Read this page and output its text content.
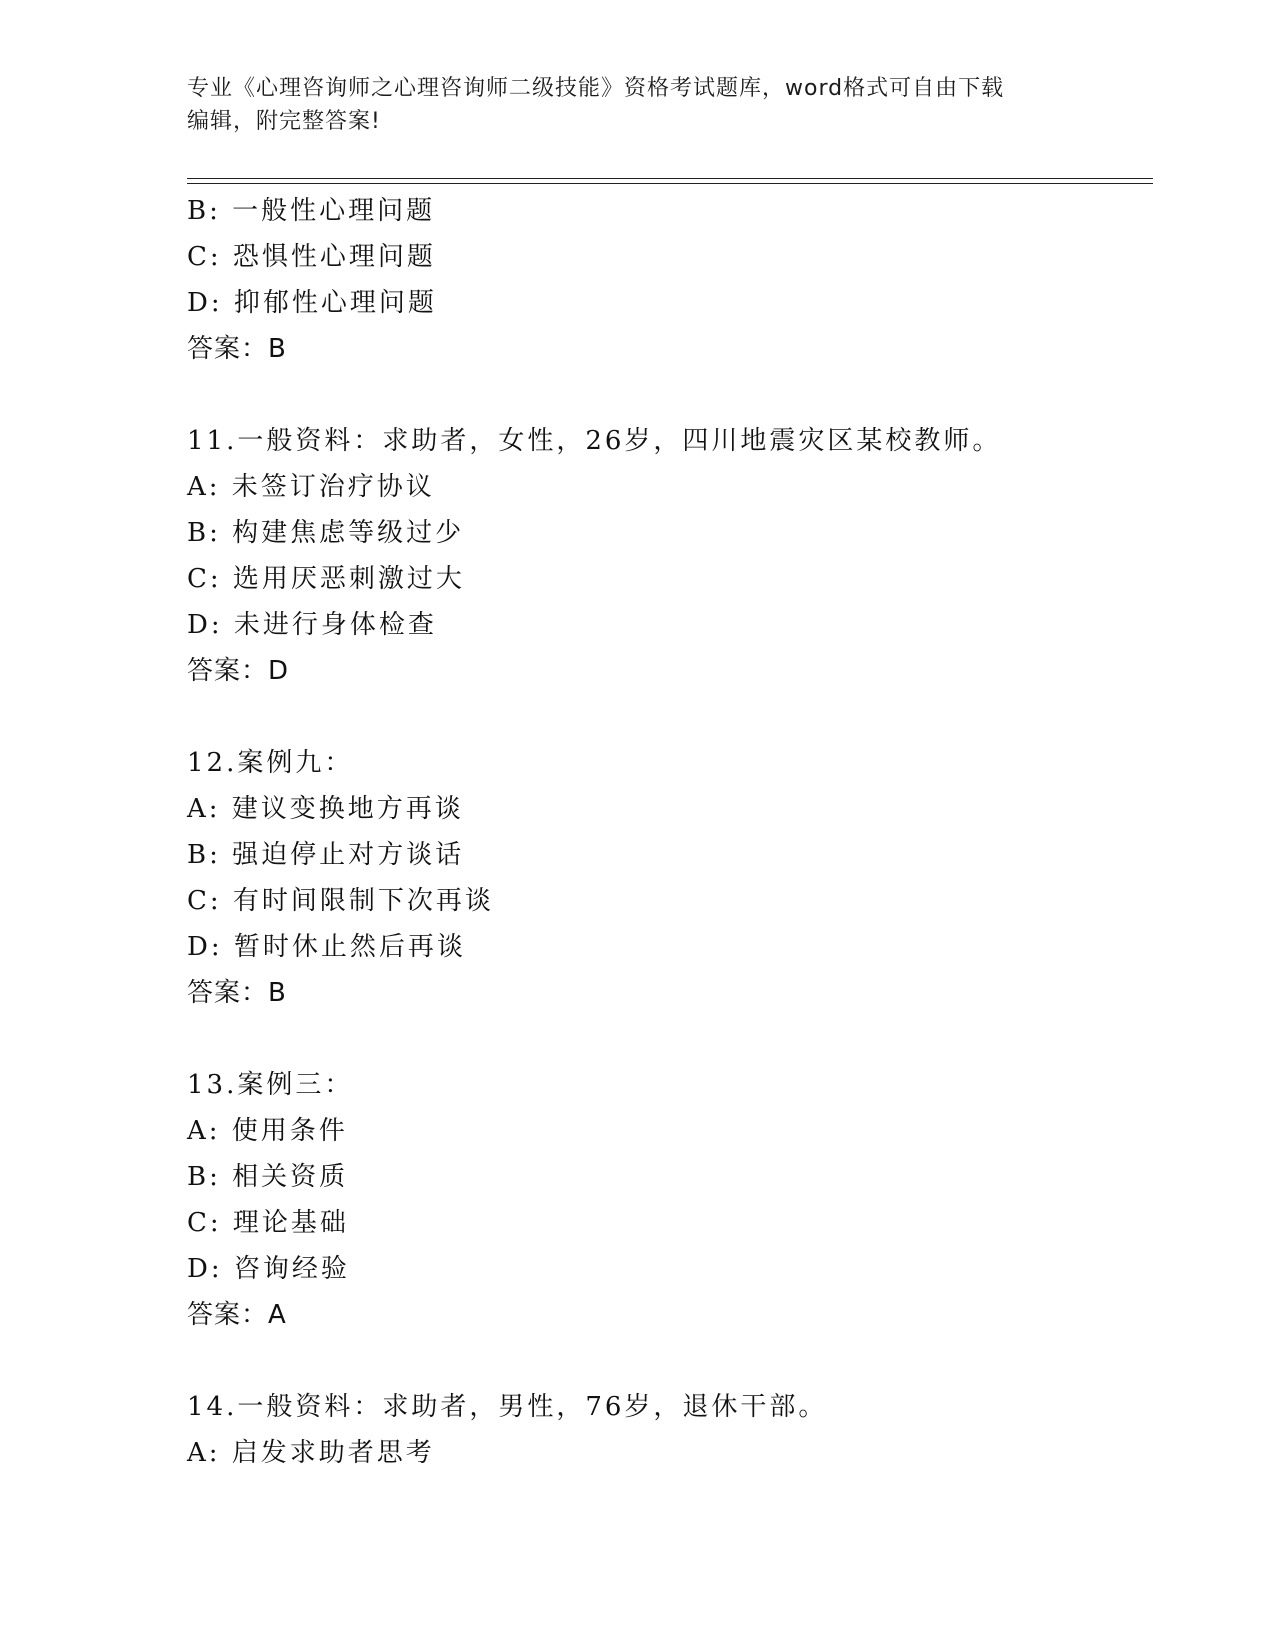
专业《心理咨询师之心理咨询师二级技能》资格考试题库，word格式可自由下载
编辑，附完整答案!
B: 一般性心理问题
C: 恐惧性心理问题
D: 抑郁性心理问题
答案：B
11.一般资料：求助者，女性，26岁，四川地震灾区某校教师。
A: 未签订治疗协议
B: 构建焦虑等级过少
C: 选用厌恶刺激过大
D: 未进行身体检查
答案：D
12.案例九：
A: 建议变换地方再谈
B: 强迫停止对方谈话
C: 有时间限制下次再谈
D: 暂时休止然后再谈
答案：B
13.案例三：
A: 使用条件
B: 相关资质
C: 理论基础
D: 咨询经验
答案：A
14.一般资料：求助者，男性，76岁，退休干部。
A: 启发求助者思考
